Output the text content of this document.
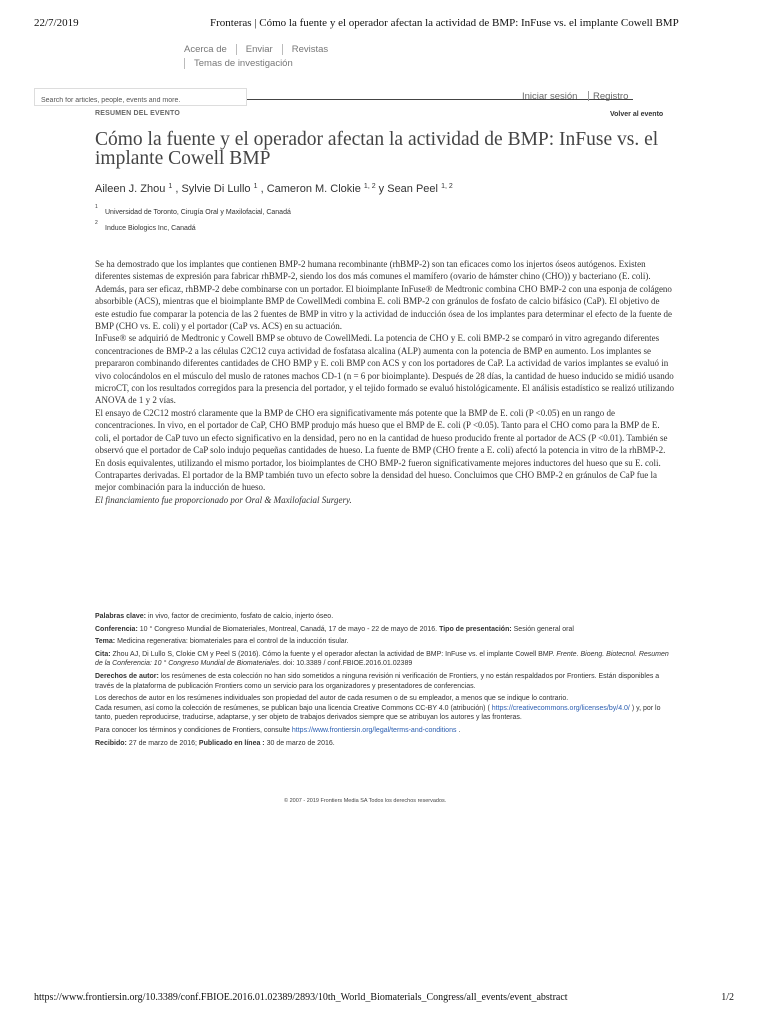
22/7/2019	Fronteras | Cómo la fuente y el operador afectan la actividad de BMP: InFuse vs. el implante Cowell BMP
Acerca de Enviar Revistas
Temas de investigación
Search for articles, people, events and more.
Iniciar sesión	Registro
RESUMEN DEL EVENTO	Volver al evento
Cómo la fuente y el operador afectan la actividad de BMP: InFuse vs. el implante Cowell BMP
Aileen J. Zhou $^1$ , Sylvie Di Lullo $^1$ , Cameron M. Clokie $^{1, 2}$ y Sean Peel $^{1, 2}$
1
Universidad de Toronto, Cirugía Oral y Maxilofacial, Canadá
2
Induce Biologics Inc, Canadá

Se ha demostrado que los implantes que contienen BMP-2 humana recombinante (rhBMP-2) son tan eficaces como los injertos óseos autógenos. Existen diferentes sistemas de expresión para fabricar rhBMP-2, siendo los dos más comunes el mamífero (ovario de hámster chino (CHO)) y bacteriano (E. coli). Además, para ser eficaz, rhBMP-2 debe combinarse con un portador. El bioimplante InFuse® de Medtronic combina CHO BMP-2 con una esponja de colágeno absorbible (ACS), mientras que el bioimplante BMP de CowellMedi combina E. coli BMP-2 con gránulos de fosfato de calcio bifásico (CaP). El objetivo de este estudio fue comparar la potencia de las 2 fuentes de BMP in vitro y la actividad de inducción ósea de los implantes para determinar el efecto de la fuente de BMP (CHO vs. E. coli) y el portador (CaP vs. ACS) en su actuación.

InFuse® se adquirió de Medtronic y Cowell BMP se obtuvo de CowellMedi. La potencia de CHO y E. coli BMP-2 se comparó in vitro agregando diferentes concentraciones de BMP-2 a las células C2C12 cuya actividad de fosfatasa alcalina (ALP) aumenta con la potencia de BMP en aumento. Los implantes se prepararon combinando diferentes cantidades de CHO BMP y E. coli BMP con ACS y con los portadores de CaP. La actividad de varios implantes se evaluó in vivo colocándolos en el músculo del muslo de ratones machos CD-1 (n = 6 por bioimplante). Después de 28 días, la cantidad de hueso inducido se midió usando microCT, con los resultados corregidos para la presencia del portador, y el tejido formado se evaluó histológicamente. El análisis estadístico se realizó utilizando ANOVA de 1 y 2 vías.

El ensayo de C2C12 mostró claramente que la BMP de CHO era significativamente más potente que la BMP de E. coli (P <0.05) en un rango de concentraciones. In vivo, en el portador de CaP, CHO BMP produjo más hueso que el BMP de E. coli (P <0.05). Tanto para el CHO como para la BMP de E. coli, el portador de CaP tuvo un efecto significativo en la densidad, pero no en la cantidad de hueso producido frente al portador de ACS (P <0.01). También se observó que el portador de CaP solo indujo pequeñas cantidades de hueso. La fuente de BMP (CHO frente a E. coli) afectó la potencia in vitro de la rhBMP-2. En dosis equivalentes, utilizando el mismo portador, los bioimplantes de CHO BMP-2 fueron significativamente mejores inductores del hueso que su E. coli. Contrapartes derivadas. El portador de la BMP también tuvo un efecto sobre la densidad del hueso. Concluimos que CHO BMP-2 en gránulos de CaP fue la mejor combinación para la inducción de hueso.

El financiamiento fue proporcionado por Oral & Maxilofacial Surgery.

Palabras clave: in vivo, factor de crecimiento, fosfato de calcio, injerto óseo.

Conferencia: 10 ° Congreso Mundial de Biomateriales, Montreal, Canadá, 17 de mayo - 22 de mayo de 2016. Tipo de presentación: Sesión general oral

Tema: Medicina regenerativa: biomateriales para el control de la inducción tisular.

Cita: Zhou AJ, Di Lullo S, Clokie CM y Peel S (2016). Cómo la fuente y el operador afectan la actividad de BMP: InFuse vs. el implante Cowell BMP. Frente. Bioeng. Biotecnol. Resumen de la Conferencia: 10 ° Congreso Mundial de Biomateriales. doi: 10.3389 / conf.FBIOE.2016.01.02389

Derechos de autor: los resúmenes de esta colección no han sido sometidos a ninguna revisión ni verificación de Frontiers, y no están respaldados por Frontiers. Están disponibles a través de la plataforma de publicación Frontiers como un servicio para los organizadores y presentadores de conferencias.

Los derechos de autor en los resúmenes individuales son propiedad del autor de cada resumen o de su empleador, a menos que se indique lo contrario.

Cada resumen, así como la colección de resúmenes, se publican bajo una licencia Creative Commons CC-BY 4.0 (atribución) ( https://creativecommons.org/licenses/by/4.0/ ) y, por lo tanto, pueden reproducirse, traducirse, adaptarse, y ser objeto de trabajos derivados siempre que se atribuyan los autores y las fronteras.

Para conocer los términos y condiciones de Frontiers, consulte https://www.frontiersin.org/legal/terms-and-conditions .

Recibido: 27 de marzo de 2016; Publicado en línea : 30 de marzo de 2016.

© 2007 - 2019 Frontiers Media SA Todos los derechos reservados.
https://www.frontiersin.org/10.3389/conf.FBIOE.2016.01.02389/2893/10th_World_Biomaterials_Congress/all_events/event_abstract	1/2
